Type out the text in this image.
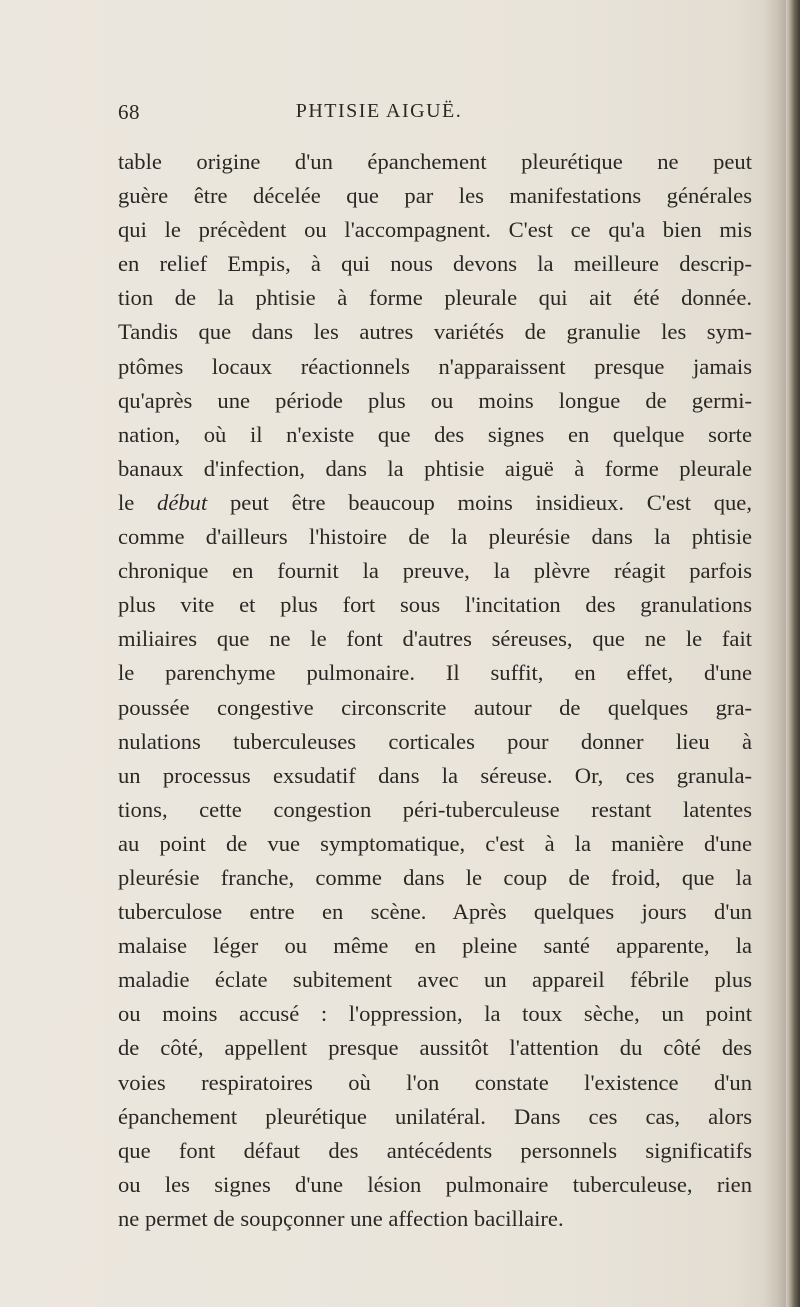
68	PHTISIE AIGUË.
table origine d'un épanchement pleurétique ne peut
guère être décelée que par les manifestations générales
qui le précèdent ou l'accompagnent. C'est ce qu'a bien mis
en relief Empis, à qui nous devons la meilleure descrip-
tion de la phtisie à forme pleurale qui ait été donnée.
Tandis que dans les autres variétés de granulie les sym-
ptômes locaux réactionnels n'apparaissent presque jamais
qu'après une période plus ou moins longue de germi-
nation, où il n'existe que des signes en quelque sorte
banaux d'infection, dans la phtisie aiguë à forme pleurale
le début peut être beaucoup moins insidieux. C'est que,
comme d'ailleurs l'histoire de la pleurésie dans la phtisie
chronique en fournit la preuve, la plèvre réagit parfois
plus vite et plus fort sous l'incitation des granulations
miliaires que ne le font d'autres séreuses, que ne le fait
le parenchyme pulmonaire. Il suffit, en effet, d'une
poussée congestive circonscrite autour de quelques gra-
nulations tuberculeuses corticales pour donner lieu à
un processus exsudatif dans la séreuse. Or, ces granula-
tions, cette congestion péri-tuberculeuse restant latentes
au point de vue symptomatique, c'est à la manière d'une
pleurésie franche, comme dans le coup de froid, que la
tuberculose entre en scène. Après quelques jours d'un
malaise léger ou même en pleine santé apparente, la
maladie éclate subitement avec un appareil fébrile plus
ou moins accusé : l'oppression, la toux sèche, un point
de côté, appellent presque aussitôt l'attention du côté des
voies respiratoires où l'on constate l'existence d'un
épanchement pleurétique unilatéral. Dans ces cas, alors
que font défaut des antécédents personnels significatifs
ou les signes d'une lésion pulmonaire tuberculeuse, rien
ne permet de soupçonner une affection bacillaire.
